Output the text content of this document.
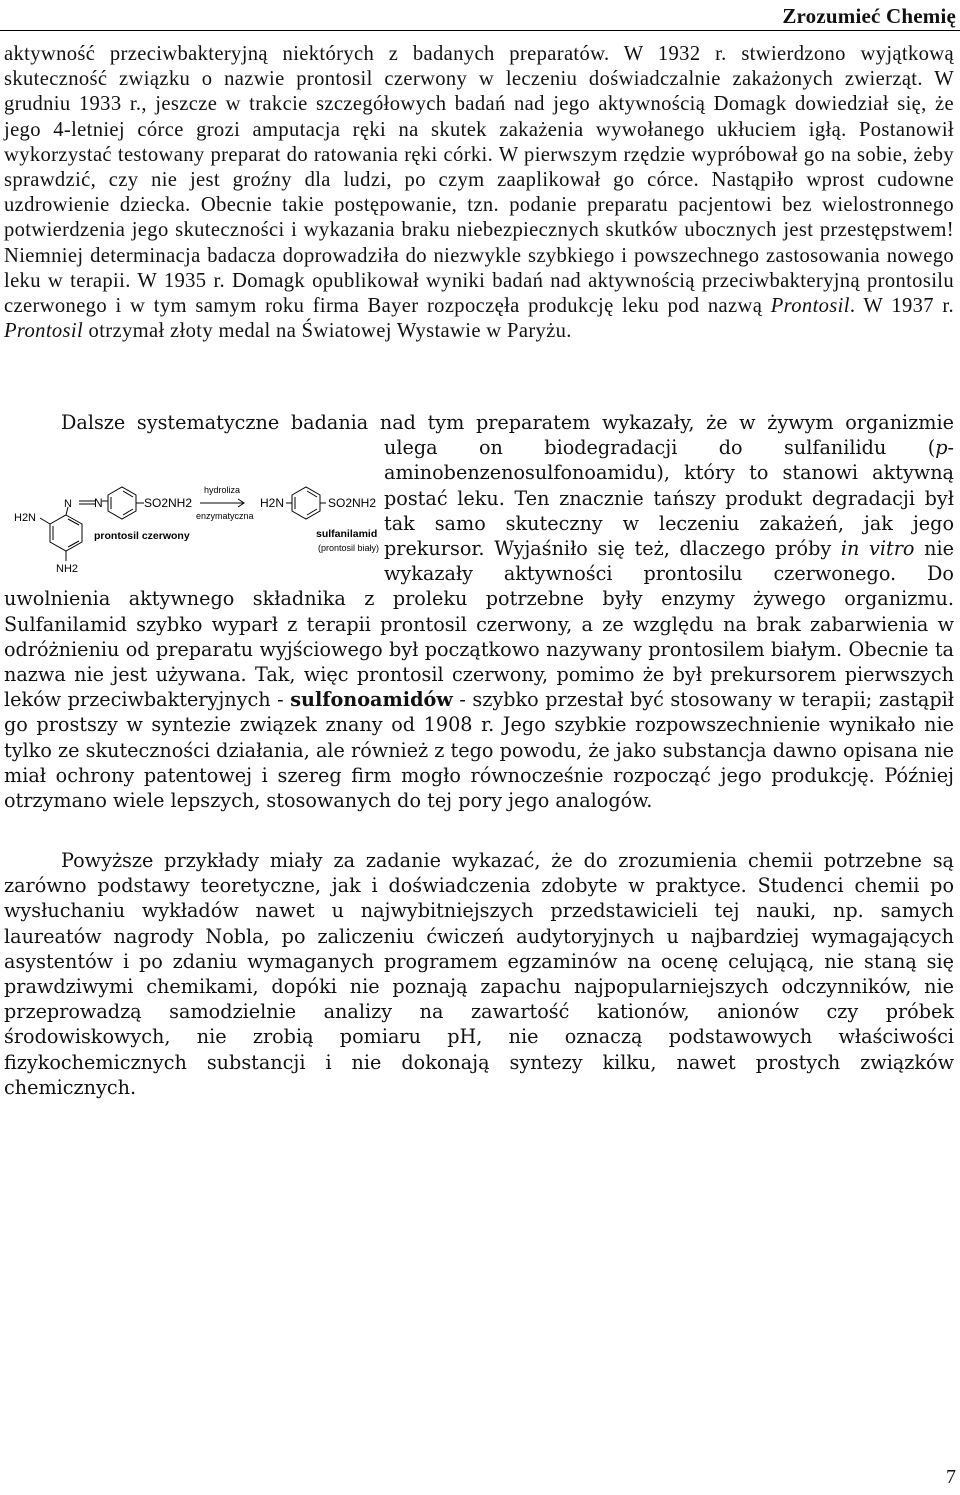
Zrozumieć Chemię

aktywność przeciwbakteryjną niektórych z badanych preparatów. W 1932 r. stwierdzono wyjątkową skuteczność związku o nazwie prontosil czerwony w leczeniu doświadczalnie zakażonych zwierząt. W grudniu 1933 r., jeszcze w trakcie szczegółowych badań nad jego aktywnością Domagk dowiedział się, że jego 4-letniej córce grozi amputacja ręki na skutek zakażenia wywołanego ukłuciem igłą. Postanowił wykorzystać testowany preparat do ratowania ręki córki. W pierwszym rzędzie wypróbował go na sobie, żeby sprawdzić, czy nie jest groźny dla ludzi, po czym zaaplikował go córce. Nastąpiło wprost cudowne uzdrowienie dziecka. Obecnie takie postępowanie, tzn. podanie preparatu pacjentowi bez wielostronnego potwierdzenia jego skuteczności i wykazania braku niebezpiecznych skutków ubocznych jest przestępstwem! Niemniej determinacja badacza doprowadziła do niezwykle szybkiego i powszechnego zastosowania nowego leku w terapii. W 1935 r. Domagk opublikował wyniki badań nad aktywnością przeciwbakteryjną prontosilu czerwonego i w tym samym roku firma Bayer rozpoczęła produkcję leku pod nazwą Prontosil. W 1937 r. Prontosil otrzymał złoty medal na Światowej Wystawie w Paryżu.

Dalsze systematyczne badania nad tym preparatem wykazały, że w żywym organizmie ulega on biodegradacji do sulfanilidu (
H2N
NH2
N N	SO2NH2
prontosil czerwony
hydroliza
enzymatyczna
H2N	SO2NH2
sulfanilamid
(prontosil biały)
p-aminobenzenosulfonoamidu), który to stanowi aktywną postać leku. Ten znacznie tańszy produkt degradacji był tak samo skuteczny w leczeniu zakażeń, jak jego prekursor. Wyjaśniło się też, dlaczego próby in vitro nie wykazały aktywności prontosilu czerwonego. Do uwolnienia aktywnego składnika z proleku potrzebne były enzymy żywego organizmu. Sulfanilamid szybko wyparł z terapii prontosil czerwony, a ze względu na brak zabarwienia w odróżnieniu od preparatu wyjściowego był początkowo nazywany prontosilem białym. Obecnie ta nazwa nie jest używana. Tak, więc prontosil czerwony, pomimo że był prekursorem pierwszych leków przeciwbakteryjnych - sulfonoamidów - szybko przestał być stosowany w terapii; zastąpił go prostszy w syntezie związek znany od 1908 r. Jego szybkie rozpowszechnienie wynikało nie tylko ze skuteczności działania, ale również z tego powodu, że jako substancja dawno opisana nie miał ochrony patentowej i szereg firm mogło równocześnie rozpocząć jego produkcję. Później otrzymano wiele lepszych, stosowanych do tej pory jego analogów.

Powyższe przykłady miały za zadanie wykazać, że do zrozumienia chemii potrzebne są zarówno podstawy teoretyczne, jak i doświadczenia zdobyte w praktyce. Studenci chemii po wysłuchaniu wykładów nawet u najwybitniejszych przedstawicieli tej nauki, np. samych laureatów nagrody Nobla, po zaliczeniu ćwiczeń audytoryjnych u najbardziej wymagających asystentów i po zdaniu wymaganych programem egzaminów na ocenę celującą, nie staną się prawdziwymi chemikami, dopóki nie poznają zapachu najpopularniejszych odczynników, nie przeprowadzą samodzielnie analizy na zawartość kationów, anionów czy próbek środowiskowych, nie zrobią pomiaru pH, nie oznaczą podstawowych właściwości fizykochemicznych substancji i nie dokonają syntezy kilku, nawet prostych związków chemicznych.

7
